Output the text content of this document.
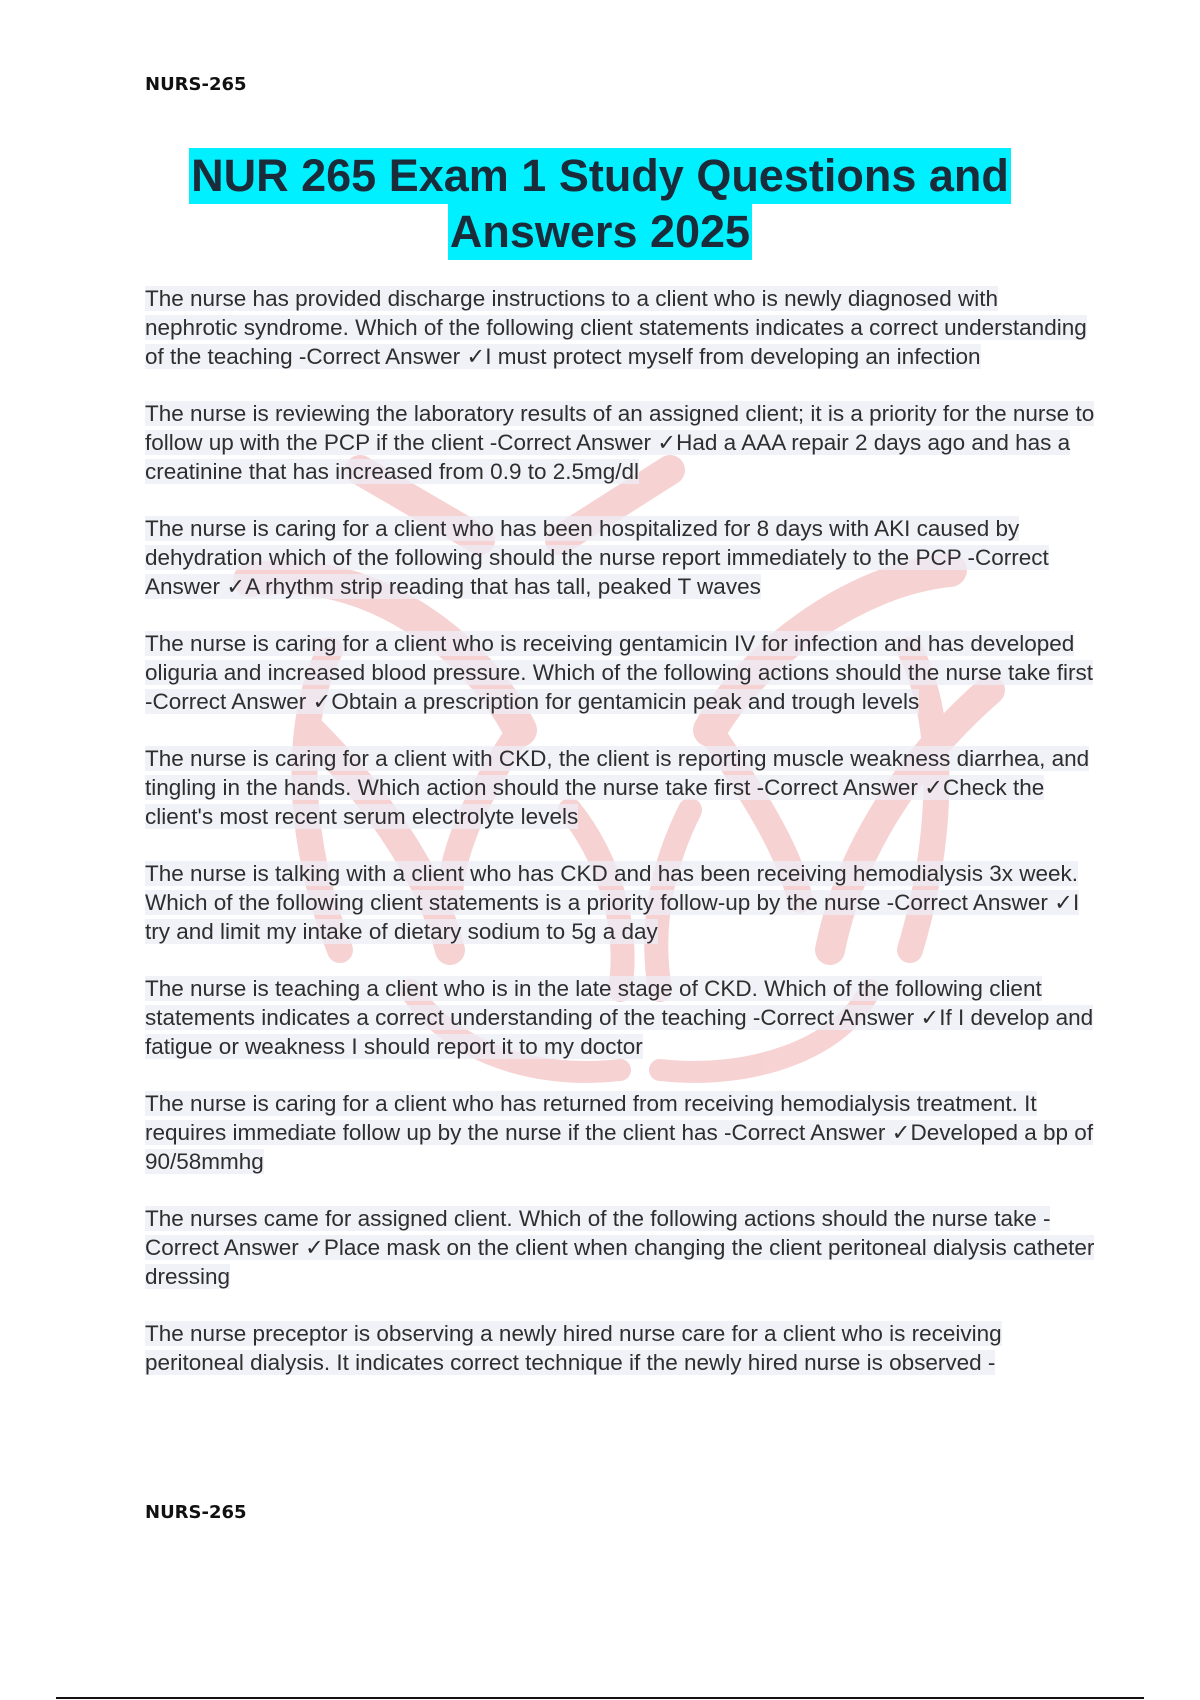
NURS-265
NUR 265 Exam 1 Study Questions and
Answers 2025

The nurse has provided discharge instructions to a client who is newly diagnosed with nephrotic syndrome. Which of the following client statements indicates a correct understanding of the teaching -Correct Answer ✓I must protect myself from developing an infection

The nurse is reviewing the laboratory results of an assigned client; it is a priority for the nurse to follow up with the PCP if the client -Correct Answer ✓Had a AAA repair 2 days ago and has a creatinine that has increased from 0.9 to 2.5mg/dl

The nurse is caring for a client who has been hospitalized for 8 days with AKI caused by dehydration which of the following should the nurse report immediately to the PCP -Correct Answer ✓A rhythm strip reading that has tall, peaked T waves

The nurse is caring for a client who is receiving gentamicin IV for infection and has developed oliguria and increased blood pressure. Which of the following actions should the nurse take first -Correct Answer ✓Obtain a prescription for gentamicin peak and trough levels

The nurse is caring for a client with CKD, the client is reporting muscle weakness diarrhea, and tingling in the hands. Which action should the nurse take first -Correct Answer ✓Check the client's most recent serum electrolyte levels

The nurse is talking with a client who has CKD and has been receiving hemodialysis 3x week. Which of the following client statements is a priority follow-up by the nurse -Correct Answer ✓I try and limit my intake of dietary sodium to 5g a day

The nurse is teaching a client who is in the late stage of CKD. Which of the following client statements indicates a correct understanding of the teaching -Correct Answer ✓If I develop and fatigue or weakness I should report it to my doctor

The nurse is caring for a client who has returned from receiving hemodialysis treatment. It requires immediate follow up by the nurse if the client has -Correct Answer ✓Developed a bp of 90/58mmhg

The nurses came for assigned client. Which of the following actions should the nurse take -Correct Answer ✓Place mask on the client when changing the client peritoneal dialysis catheter dressing

The nurse preceptor is observing a newly hired nurse care for a client who is receiving peritoneal dialysis. It indicates correct technique if the newly hired nurse is observed -

NURS-265
